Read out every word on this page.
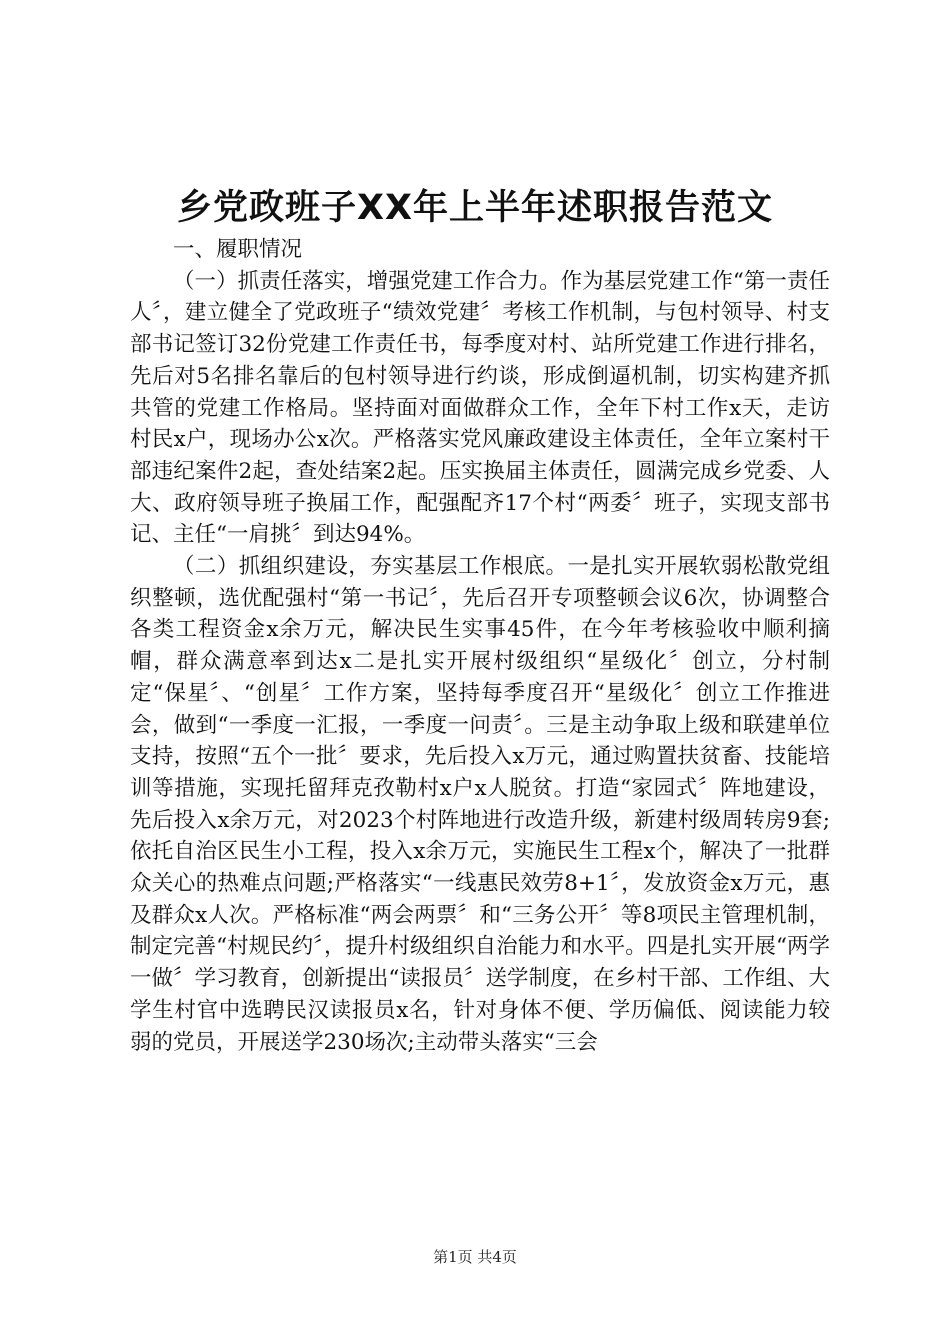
乡党政班子XX年上半年述职报告范文

一、履职情况

（一）抓责任落实，增强党建工作合力。作为基层党建工作“第一责任人〞，建立健全了党政班子“绩效党建〞考核工作机制，与包村领导、村支部书记签订32份党建工作责任书，每季度对村、站所党建工作进行排名，先后对5名排名靠后的包村领导进行约谈，形成倒逼机制，切实构建齐抓共管的党建工作格局。坚持面对面做群众工作，全年下村工作x天，走访村民x户，现场办公x次。严格落实党风廉政建设主体责任，全年立案村干部违纪案件2起，查处结案2起。压实换届主体责任，圆满完成乡党委、人大、政府领导班子换届工作，配强配齐17个村“两委〞班子，实现支部书记、主任“一肩挑〞到达94%。

（二）抓组织建设，夯实基层工作根底。一是扎实开展软弱松散党组织整顿，选优配强村“第一书记〞，先后召开专项整顿会议6次，协调整合各类工程资金x余万元，解决民生实事45件，在今年考核验收中顺利摘帽，群众满意率到达x二是扎实开展村级组织“星级化〞创立，分村制定“保星〞、“创星〞工作方案，坚持每季度召开“星级化〞创立工作推进会，做到“一季度一汇报，一季度一问责〞。三是主动争取上级和联建单位支持，按照“五个一批〞要求，先后投入x万元，通过购置扶贫畜、技能培训等措施，实现托留拜克孜勒村x户x人脱贫。打造“家园式〞阵地建设，先后投入x余万元，对2023个村阵地进行改造升级，新建村级周转房9套;依托自治区民生小工程，投入x余万元，实施民生工程x个，解决了一批群众关心的热难点问题;严格落实“一线惠民效劳8+1〞，发放资金x万元，惠及群众x人次。严格标准“两会两票〞和“三务公开〞等8项民主管理机制，制定完善“村规民约〞，提升村级组织自治能力和水平。四是扎实开展“两学一做〞学习教育，创新提出“读报员〞送学制度，在乡村干部、工作组、大学生村官中选聘民汉读报员x名，针对身体不便、学历偏低、阅读能力较弱的党员，开展送学230场次;主动带头落实“三会

第1页 共4页
